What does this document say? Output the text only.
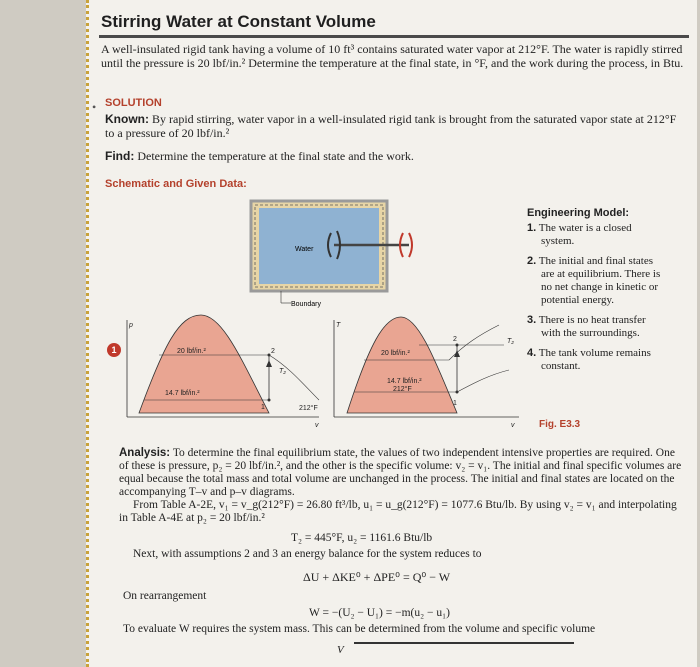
Stirring Water at Constant Volume
A well-insulated rigid tank having a volume of 10 ft³ contains saturated water vapor at 212°F. The water is rapidly stirred until the pressure is 20 lbf/in.² Determine the temperature at the final state, in °F, and the work during the process, in Btu.
• SOLUTION
Known: By rapid stirring, water vapor in a well-insulated rigid tank is brought from the saturated vapor state at 212°F to a pressure of 20 lbf/in.²
Find: Determine the temperature at the final state and the work.
Schematic and Given Data:
Water
Boundary
p
v
20 lbf/in.²
14.7 lbf/in.²
T₂
212°F
1
2
T
v
20 lbf/in.²
14.7 lbf/in.²
212°F
T₂
1
2
1
Fig. E3.3
Engineering Model:
1. The water is a closed system.
2. The initial and final states are at equilibrium. There is no net change in kinetic or potential energy.
3. There is no heat transfer with the surroundings.
4. The tank volume remains constant.
Analysis: To determine the final equilibrium state, the values of two independent intensive properties are required. One of these is pressure, p₂ = 20 lbf/in.², and the other is the specific volume: v₂ = v₁. The initial and final specific volumes are equal because the total mass and total volume are unchanged in the process. The initial and final states are located on the accompanying T–v and p–v diagrams.
From Table A-2E, v₁ = v_g(212°F) = 26.80 ft³/lb, u₁ = u_g(212°F) = 1077.6 Btu/lb. By using v₂ = v₁ and interpolating in Table A-4E at p₂ = 20 lbf/in.²
T₂ = 445°F, u₂ = 1161.6 Btu/lb
Next, with assumptions 2 and 3 an energy balance for the system reduces to
ΔU + ΔKE⁰ + ΔPE⁰ = Q⁰ − W
On rearrangement
W = −(U₂ − U₁) = −m(u₂ − u₁)
To evaluate W requires the system mass. This can be determined from the volume and specific volume
V
